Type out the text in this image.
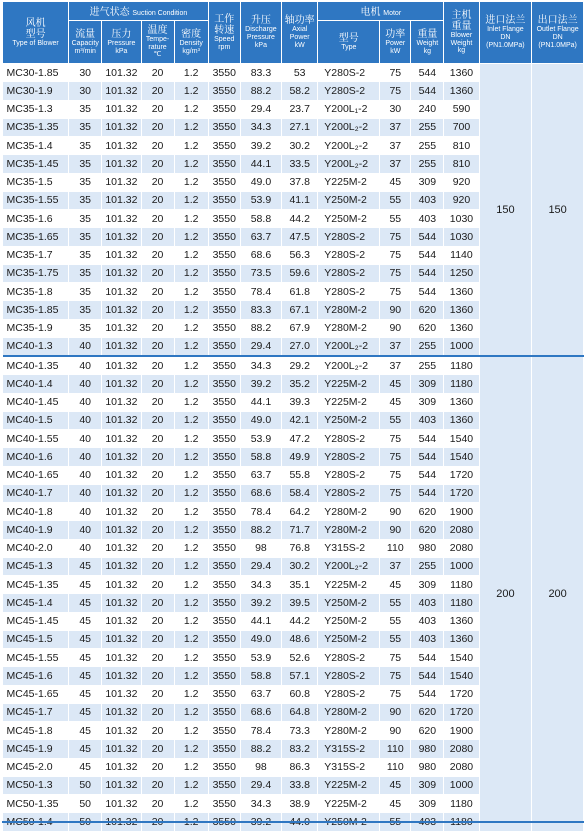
风机
型号
Type of Blower	进气状态 Suction Condition				工作
转速
Speed
rpm	升压
Discharge
Pressure
kPa	轴功率
Axial
Power
kW	电机 Motor			主机
重量
Blower
Weight
kg	进口法兰
Inlet Flange
DN
(PN1.0MPa)	出口法兰
Outlet Flange
DN
(PN1.0MPa)

	流量
Capacity
m³/min	压力
Pressure
kPa	温度
Tempe-
rature
℃	密度
Density
kg/m³				型号
Type	功率
Power
kW	重量
Weight
kg			

MC30-1.85	30	101.32	20	1.2	3550	83.3	53	Y280S-2	75	544	1360	150	150
MC30-1.9	30	101.32	20	1.2	3550	88.2	58.2	Y280S-2	75	544	1360		
MC35-1.3	35	101.32	20	1.2	3550	29.4	23.7	Y200L₁-2	30	240	590		
MC35-1.35	35	101.32	20	1.2	3550	34.3	27.1	Y200L₂-2	37	255	700		
MC35-1.4	35	101.32	20	1.2	3550	39.2	30.2	Y200L₂-2	37	255	810		
MC35-1.45	35	101.32	20	1.2	3550	44.1	33.5	Y200L₂-2	37	255	810		
MC35-1.5	35	101.32	20	1.2	3550	49.0	37.8	Y225M-2	45	309	920		
MC35-1.55	35	101.32	20	1.2	3550	53.9	41.1	Y250M-2	55	403	920		
MC35-1.6	35	101.32	20	1.2	3550	58.8	44.2	Y250M-2	55	403	1030		
MC35-1.65	35	101.32	20	1.2	3550	63.7	47.5	Y280S-2	75	544	1030		
MC35-1.7	35	101.32	20	1.2	3550	68.6	56.3	Y280S-2	75	544	1140		
MC35-1.75	35	101.32	20	1.2	3550	73.5	59.6	Y280S-2	75	544	1250		
MC35-1.8	35	101.32	20	1.2	3550	78.4	61.8	Y280S-2	75	544	1360		
MC35-1.85	35	101.32	20	1.2	3550	83.3	67.1	Y280M-2	90	620	1360		
MC35-1.9	35	101.32	20	1.2	3550	88.2	67.9	Y280M-2	90	620	1360		
MC40-1.3	40	101.32	20	1.2	3550	29.4	27.0	Y200L₂-2	37	255	1000		
MC40-1.35	40	101.32	20	1.2	3550	34.3	29.2	Y200L₂-2	37	255	1180	200	200
MC40-1.4	40	101.32	20	1.2	3550	39.2	35.2	Y225M-2	45	309	1180		
MC40-1.45	40	101.32	20	1.2	3550	44.1	39.3	Y225M-2	45	309	1360		
MC40-1.5	40	101.32	20	1.2	3550	49.0	42.1	Y250M-2	55	403	1360		
MC40-1.55	40	101.32	20	1.2	3550	53.9	47.2	Y280S-2	75	544	1540		
MC40-1.6	40	101.32	20	1.2	3550	58.8	49.9	Y280S-2	75	544	1540		
MC40-1.65	40	101.32	20	1.2	3550	63.7	55.8	Y280S-2	75	544	1720		
MC40-1.7	40	101.32	20	1.2	3550	68.6	58.4	Y280S-2	75	544	1720		
MC40-1.8	40	101.32	20	1.2	3550	78.4	64.2	Y280M-2	90	620	1900		
MC40-1.9	40	101.32	20	1.2	3550	88.2	71.7	Y280M-2	90	620	2080		
MC40-2.0	40	101.32	20	1.2	3550	98	76.8	Y315S-2	110	980	2080		
MC45-1.3	45	101.32	20	1.2	3550	29.4	30.2	Y200L₂-2	37	255	1000		
MC45-1.35	45	101.32	20	1.2	3550	34.3	35.1	Y225M-2	45	309	1180		
MC45-1.4	45	101.32	20	1.2	3550	39.2	39.5	Y250M-2	55	403	1180		
MC45-1.45	45	101.32	20	1.2	3550	44.1	44.2	Y250M-2	55	403	1360		
MC45-1.5	45	101.32	20	1.2	3550	49.0	48.6	Y250M-2	55	403	1360		
MC45-1.55	45	101.32	20	1.2	3550	53.9	52.6	Y280S-2	75	544	1540		
MC45-1.6	45	101.32	20	1.2	3550	58.8	57.1	Y280S-2	75	544	1540		
MC45-1.65	45	101.32	20	1.2	3550	63.7	60.8	Y280S-2	75	544	1720		
MC45-1.7	45	101.32	20	1.2	3550	68.6	64.8	Y280M-2	90	620	1720		
MC45-1.8	45	101.32	20	1.2	3550	78.4	73.3	Y280M-2	90	620	1900		
MC45-1.9	45	101.32	20	1.2	3550	88.2	83.2	Y315S-2	110	980	2080		
MC45-2.0	45	101.32	20	1.2	3550	98	86.3	Y315S-2	110	980	2080		
MC50-1.3	50	101.32	20	1.2	3550	29.4	33.8	Y225M-2	45	309	1000		
MC50-1.35	50	101.32	20	1.2	3550	34.3	38.9	Y225M-2	45	309	1180		
